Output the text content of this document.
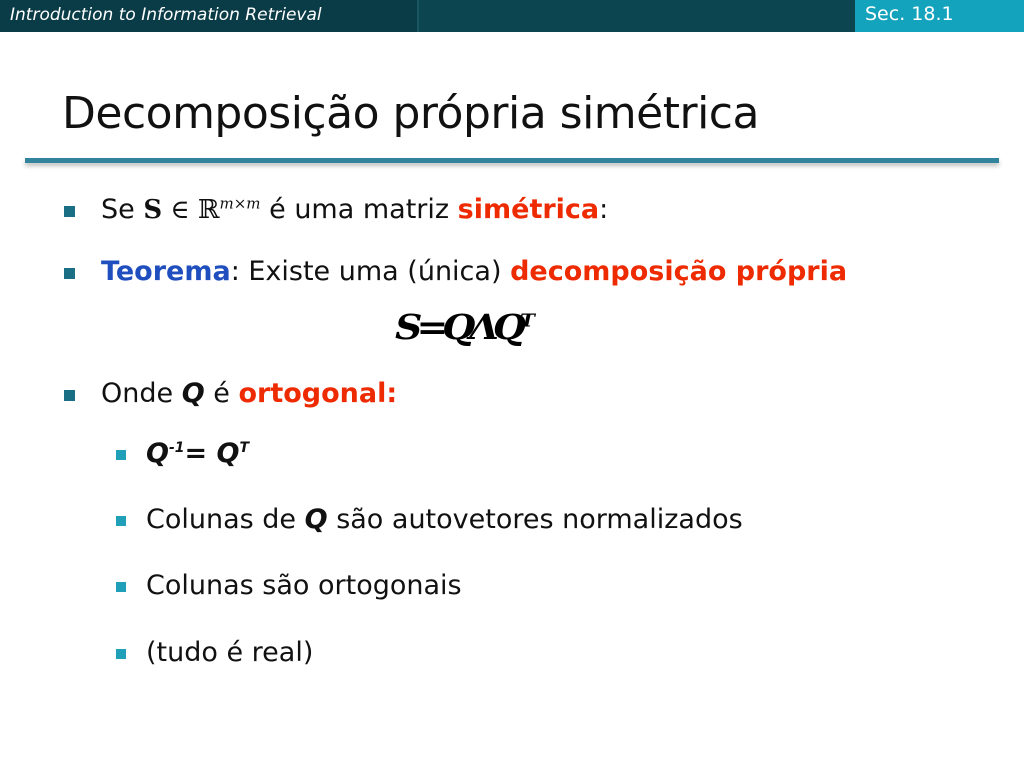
Introduction to Information Retrieval	Sec. 18.1
Decomposição própria simétrica
Se S ∈ ℝ$^{m\times m}$ é uma matriz simétrica:
Teorema: Existe uma (única) decomposição própria
$S=Q\Lambda Q^T$
Onde Q é ortogonal:
$Q^{-1}= Q^T$
Colunas de Q são autovetores normalizados
Colunas são ortogonais
(tudo é real)
